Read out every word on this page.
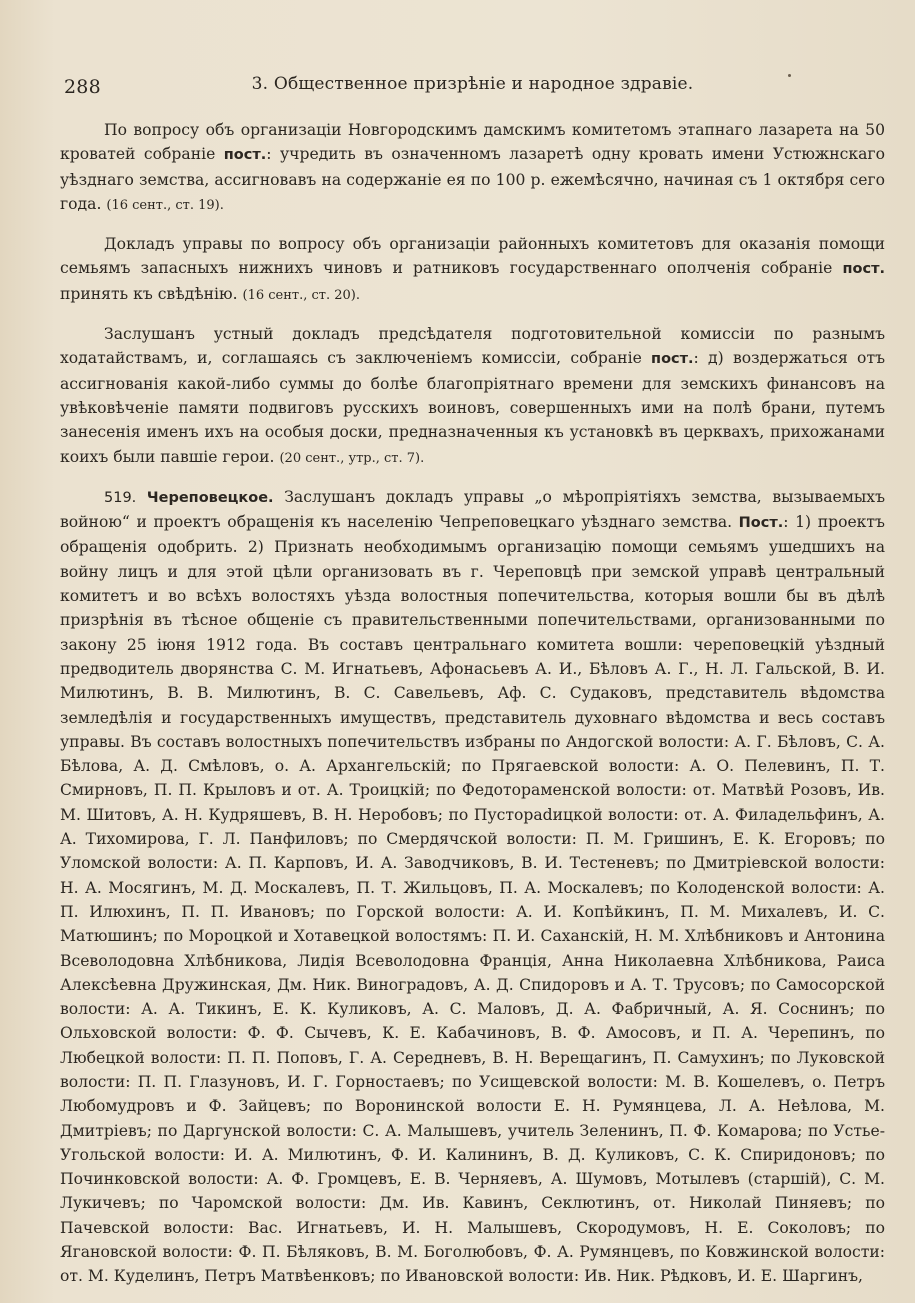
288	3. Общественное призрѣніе и народное здравіе.

По вопросу объ организаціи Новгородскимъ дамскимъ комитетомъ этапнаго лазарета на 50 кроватей собраніе пост.: учредить въ означенномъ лазаретѣ одну кровать имени Устюжнскаго уѣзднаго земства, ассигновавъ на содержаніе ея по 100 р. ежемѣсячно, начиная съ 1 октября сего года. (16 сент., ст. 19).

Докладъ управы по вопросу объ организаціи районныхъ комитетовъ для оказанія помощи семьямъ запасныхъ нижнихъ чиновъ и ратниковъ государственнаго ополченія собраніе пост. принять къ свѣдѣнію. (16 сент., ст. 20).

Заслушанъ устный докладъ предсѣдателя подготовительной комиссіи по разнымъ ходатайствамъ, и, соглашаясь съ заключеніемъ комиссіи, собраніе пост.: д) воздержаться отъ ассигнованія какой-либо суммы до болѣе благопріятнаго времени для земскихъ финансовъ на увѣковѣченіе памяти подвиговъ русскихъ воиновъ, совершенныхъ ими на полѣ брани, путемъ занесенія именъ ихъ на особыя доски, предназначенныя къ установкѣ въ церквахъ, прихожанами коихъ были павшіе герои. (20 сент., утр., ст. 7).

519. Череповецкое. Заслушанъ докладъ управы „о мѣропріятіяхъ земства, вызываемыхъ войною“ и проектъ обращенія къ населенію Чепреповецкаго уѣзднаго земства. Пост.: 1) проектъ обращенія одобрить. 2) Признать необходимымъ организацію помощи семьямъ ушедшихъ на войну лицъ и для этой цѣли организовать въ г. Череповцѣ при земской управѣ центральный комитетъ и во всѣхъ волостяхъ уѣзда волостныя попечительства, которыя вошли бы въ дѣлѣ призрѣнія въ тѣсное общеніе съ правительственными попечительствами, организованными по закону 25 іюня 1912 года. Въ составъ центральнаго комитета вошли: череповецкій уѣздный предводитель дворянства С. М. Игнатьевъ, Афонасьевъ А. И., Бѣловъ А. Г., Н. Л. Гальской, В. И. Милютинъ, В. В. Милютинъ, В. С. Савельевъ, Аф. С. Судаковъ, представитель вѣдомства земледѣлія и государственныхъ имуществъ, представитель духовнаго вѣдомства и весь составъ управы. Въ составъ волостныхъ попечительствъ избраны по Андогской волости: А. Г. Бѣловъ, С. А. Бѣлова, А. Д. Смѣловъ, о. А. Архангельскій; по Прягаевской волости: А. О. Пелевинъ, П. Т. Смирновъ, П. П. Крыловъ и от. А. Троицкій; по Федотораменской волости: от. Матвѣй Розовъ, Ив. М. Шитовъ, А. Н. Кудряшевъ, В. Н. Неробовъ; по Пустораdицкой волости: от. А. Филадельфинъ, А. А. Тихомирова, Г. Л. Панфиловъ; по Смердячской волости: П. М. Гришинъ, Е. К. Егоровъ; по Уломской волости: А. П. Карповъ, И. А. Заводчиковъ, В. И. Тестеневъ; по Дмитріевской волости: Н. А. Мосягинъ, М. Д. Москалевъ, П. Т. Жильцовъ, П. А. Москалевъ; по Колоденской волости: А. П. Илюхинъ, П. П. Ивановъ; по Горской волости: А. И. Копѣйкинъ, П. М. Михалевъ, И. С. Матюшинъ; по Мороцкой и Хотавецкой волостямъ: П. И. Саханскій, Н. М. Хлѣбниковъ и Антонина Всеволодовна Хлѣбникова, Лидія Всеволодовна Франція, Анна Николаевна Хлѣбникова, Раиса Алексѣевна Дружинская, Дм. Ник. Виноградовъ, А. Д. Спидоровъ и А. Т. Трусовъ; по Самосорской волости: А. А. Тикинъ, Е. К. Куликовъ, А. С. Маловъ, Д. А. Фабричный, А. Я. Соснинъ; по Ольховской волости: Ф. Ф. Сычевъ, К. Е. Кабачиновъ, В. Ф. Амосовъ, и П. А. Черепинъ, по Любецкой волости: П. П. Поповъ, Г. А. Середневъ, В. Н. Верещагинъ, П. Самухинъ; по Луковской волости: П. П. Глазуновъ, И. Г. Горностаевъ; по Усищевской волости: М. В. Кошелевъ, о. Петръ Любомудровъ и Ф. Зайцевъ; по Воронинской волости Е. Н. Румянцева, Л. А. Неѣлова, М. Дмитріевъ; по Даргунской волости: С. А. Малышевъ, учитель Зеленинъ, П. Ф. Комарова; по Устье-Угольской волости: И. А. Милютинъ, Ф. И. Калининъ, В. Д. Куликовъ, С. К. Спиридоновъ; по Починковской волости: А. Ф. Громцевъ, Е. В. Черняевъ, А. Шумовъ, Мотылевъ (старшій), С. М. Лукичевъ; по Чаромской волости: Дм. Ив. Кавинъ, Секлютинъ, от. Николай Пиняевъ; по Пачевской волости: Вас. Игнатьевъ, И. Н. Малышевъ, Скородумовъ, Н. Е. Соколовъ; по Ягановской волости: Ф. П. Бѣляковъ, В. М. Боголюбовъ, Ф. А. Румянцевъ, по Ковжинской волости: от. М. Куделинъ, Петръ Матвѣенковъ; по Ивановской волости: Ив. Ник. Рѣдковъ, И. Е. Шаргинъ,
